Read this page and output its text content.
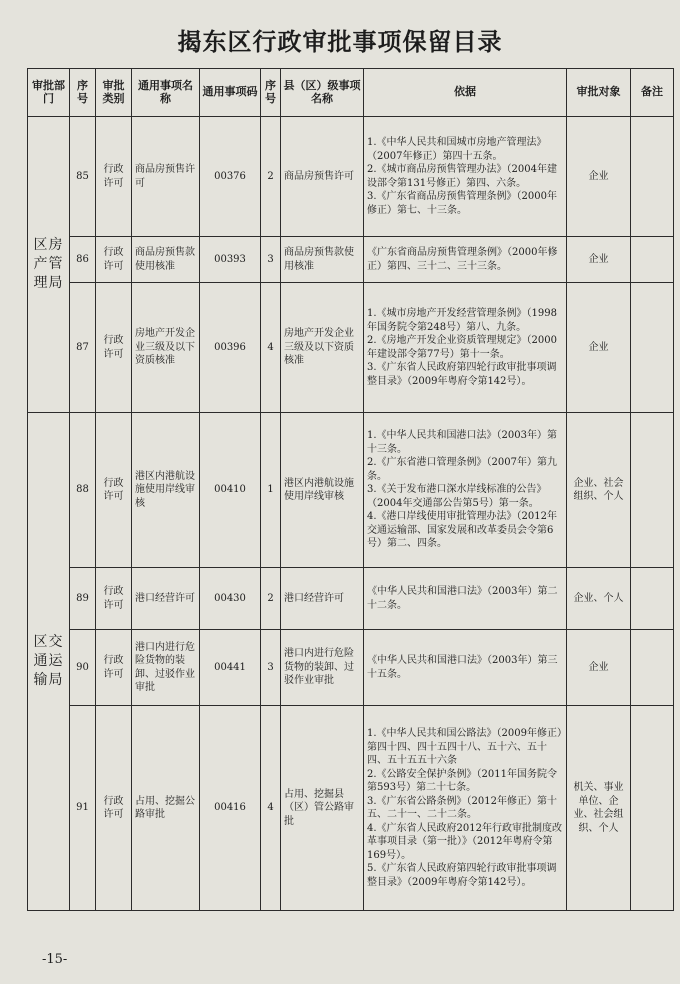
揭东区行政审批事项保留目录
审批部门	序号	审批类别	通用事项名称	通用事项码	序号	县（区）级事项名称	依据	审批对象	备注
区房产管理局	85	行政许可	商品房预售许可	00376	2	商品房预售许可	1.《中华人民共和国城市房地产管理法》（2007年修正）第四十五条。
2.《城市商品房预售管理办法》（2004年建设部令第131号修正）第四、六条。
3.《广东省商品房预售管理条例》（2000年修正）第七、十三条。	企业	
	86	行政许可	商品房预售款使用核准	00393	3	商品房预售款使用核准	《广东省商品房预售管理条例》（2000年修正）第四、三十二、三十三条。	企业	
	87	行政许可	房地产开发企业三级及以下资质核准	00396	4	房地产开发企业三级及以下资质核准	1.《城市房地产开发经营管理条例》（1998年国务院令第248号）第八、九条。
2.《房地产开发企业资质管理规定》（2000年建设部令第77号）第十一条。
3.《广东省人民政府第四轮行政审批事项调整目录》（2009年粤府令第142号）。	企业	
区交通运输局	88	行政许可	港区内港航设施使用岸线审核	00410	1	港区内港航设施使用岸线审核	1.《中华人民共和国港口法》（2003年）第十三条。
2.《广东省港口管理条例》（2007年）第九条。
3.《关于发布港口深水岸线标准的公告》（2004年交通部公告第5号）第一条。
4.《港口岸线使用审批管理办法》（2012年交通运输部、国家发展和改革委员会令第6号）第二、四条。	企业、社会组织、个人	
	89	行政许可	港口经营许可	00430	2	港口经营许可	《中华人民共和国港口法》（2003年）第二十二条。	企业、个人	
	90	行政许可	港口内进行危险货物的装卸、过驳作业审批	00441	3	港口内进行危险货物的装卸、过驳作业审批	《中华人民共和国港口法》（2003年）第三十五条。	企业	
	91	行政许可	占用、挖掘公路审批	00416	4	占用、挖掘县（区）管公路审批	1.《中华人民共和国公路法》（2009年修正）第四十四、四十五四十八、五十六、五十四、五十五五十六条
2.《公路安全保护条例》（2011年国务院令第593号）第二十七条。
3.《广东省公路条例》（2012年修正）第十五、二十一、二十二条。
4.《广东省人民政府2012年行政审批制度改革事项目录（第一批）》（2012年粤府令第169号）。
5.《广东省人民政府第四轮行政审批事项调整目录》（2009年粤府令第142号）。	机关、事业单位、企业、社会组织、个人	
-15-
